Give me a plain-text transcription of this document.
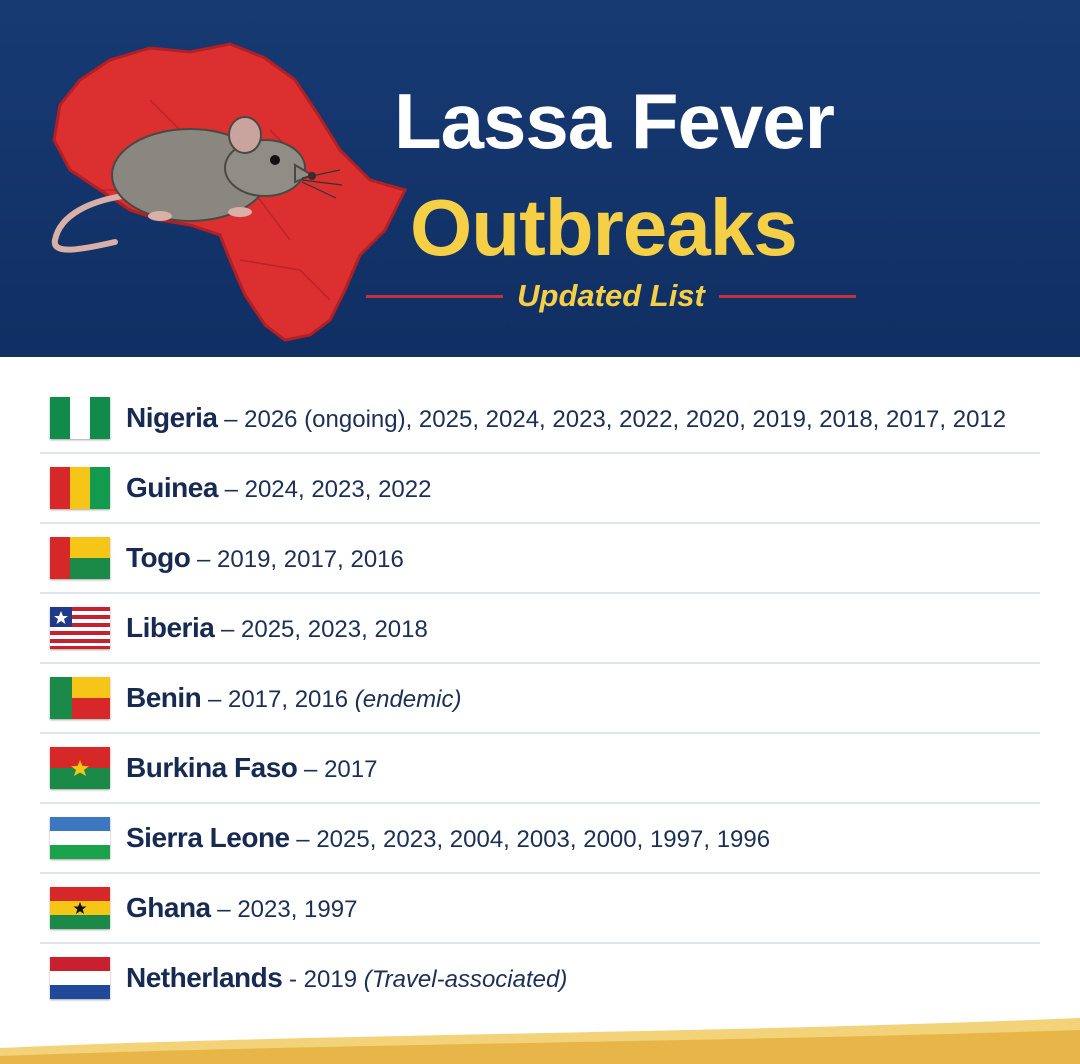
Lassa Fever
Outbreaks
Updated List
Nigeria – 2026 (ongoing), 2025, 2024, 2023, 2022, 2020, 2019, 2018, 2017, 2012
Guinea – 2024, 2023, 2022
Togo – 2019, 2017, 2016
Liberia – 2025, 2023, 2018
Benin – 2017, 2016 (endemic)
Burkina Faso – 2017
Sierra Leone – 2025, 2023, 2004, 2003, 2000, 1997, 1996
Ghana – 2023, 1997
Netherlands - 2019 (Travel-associated)
